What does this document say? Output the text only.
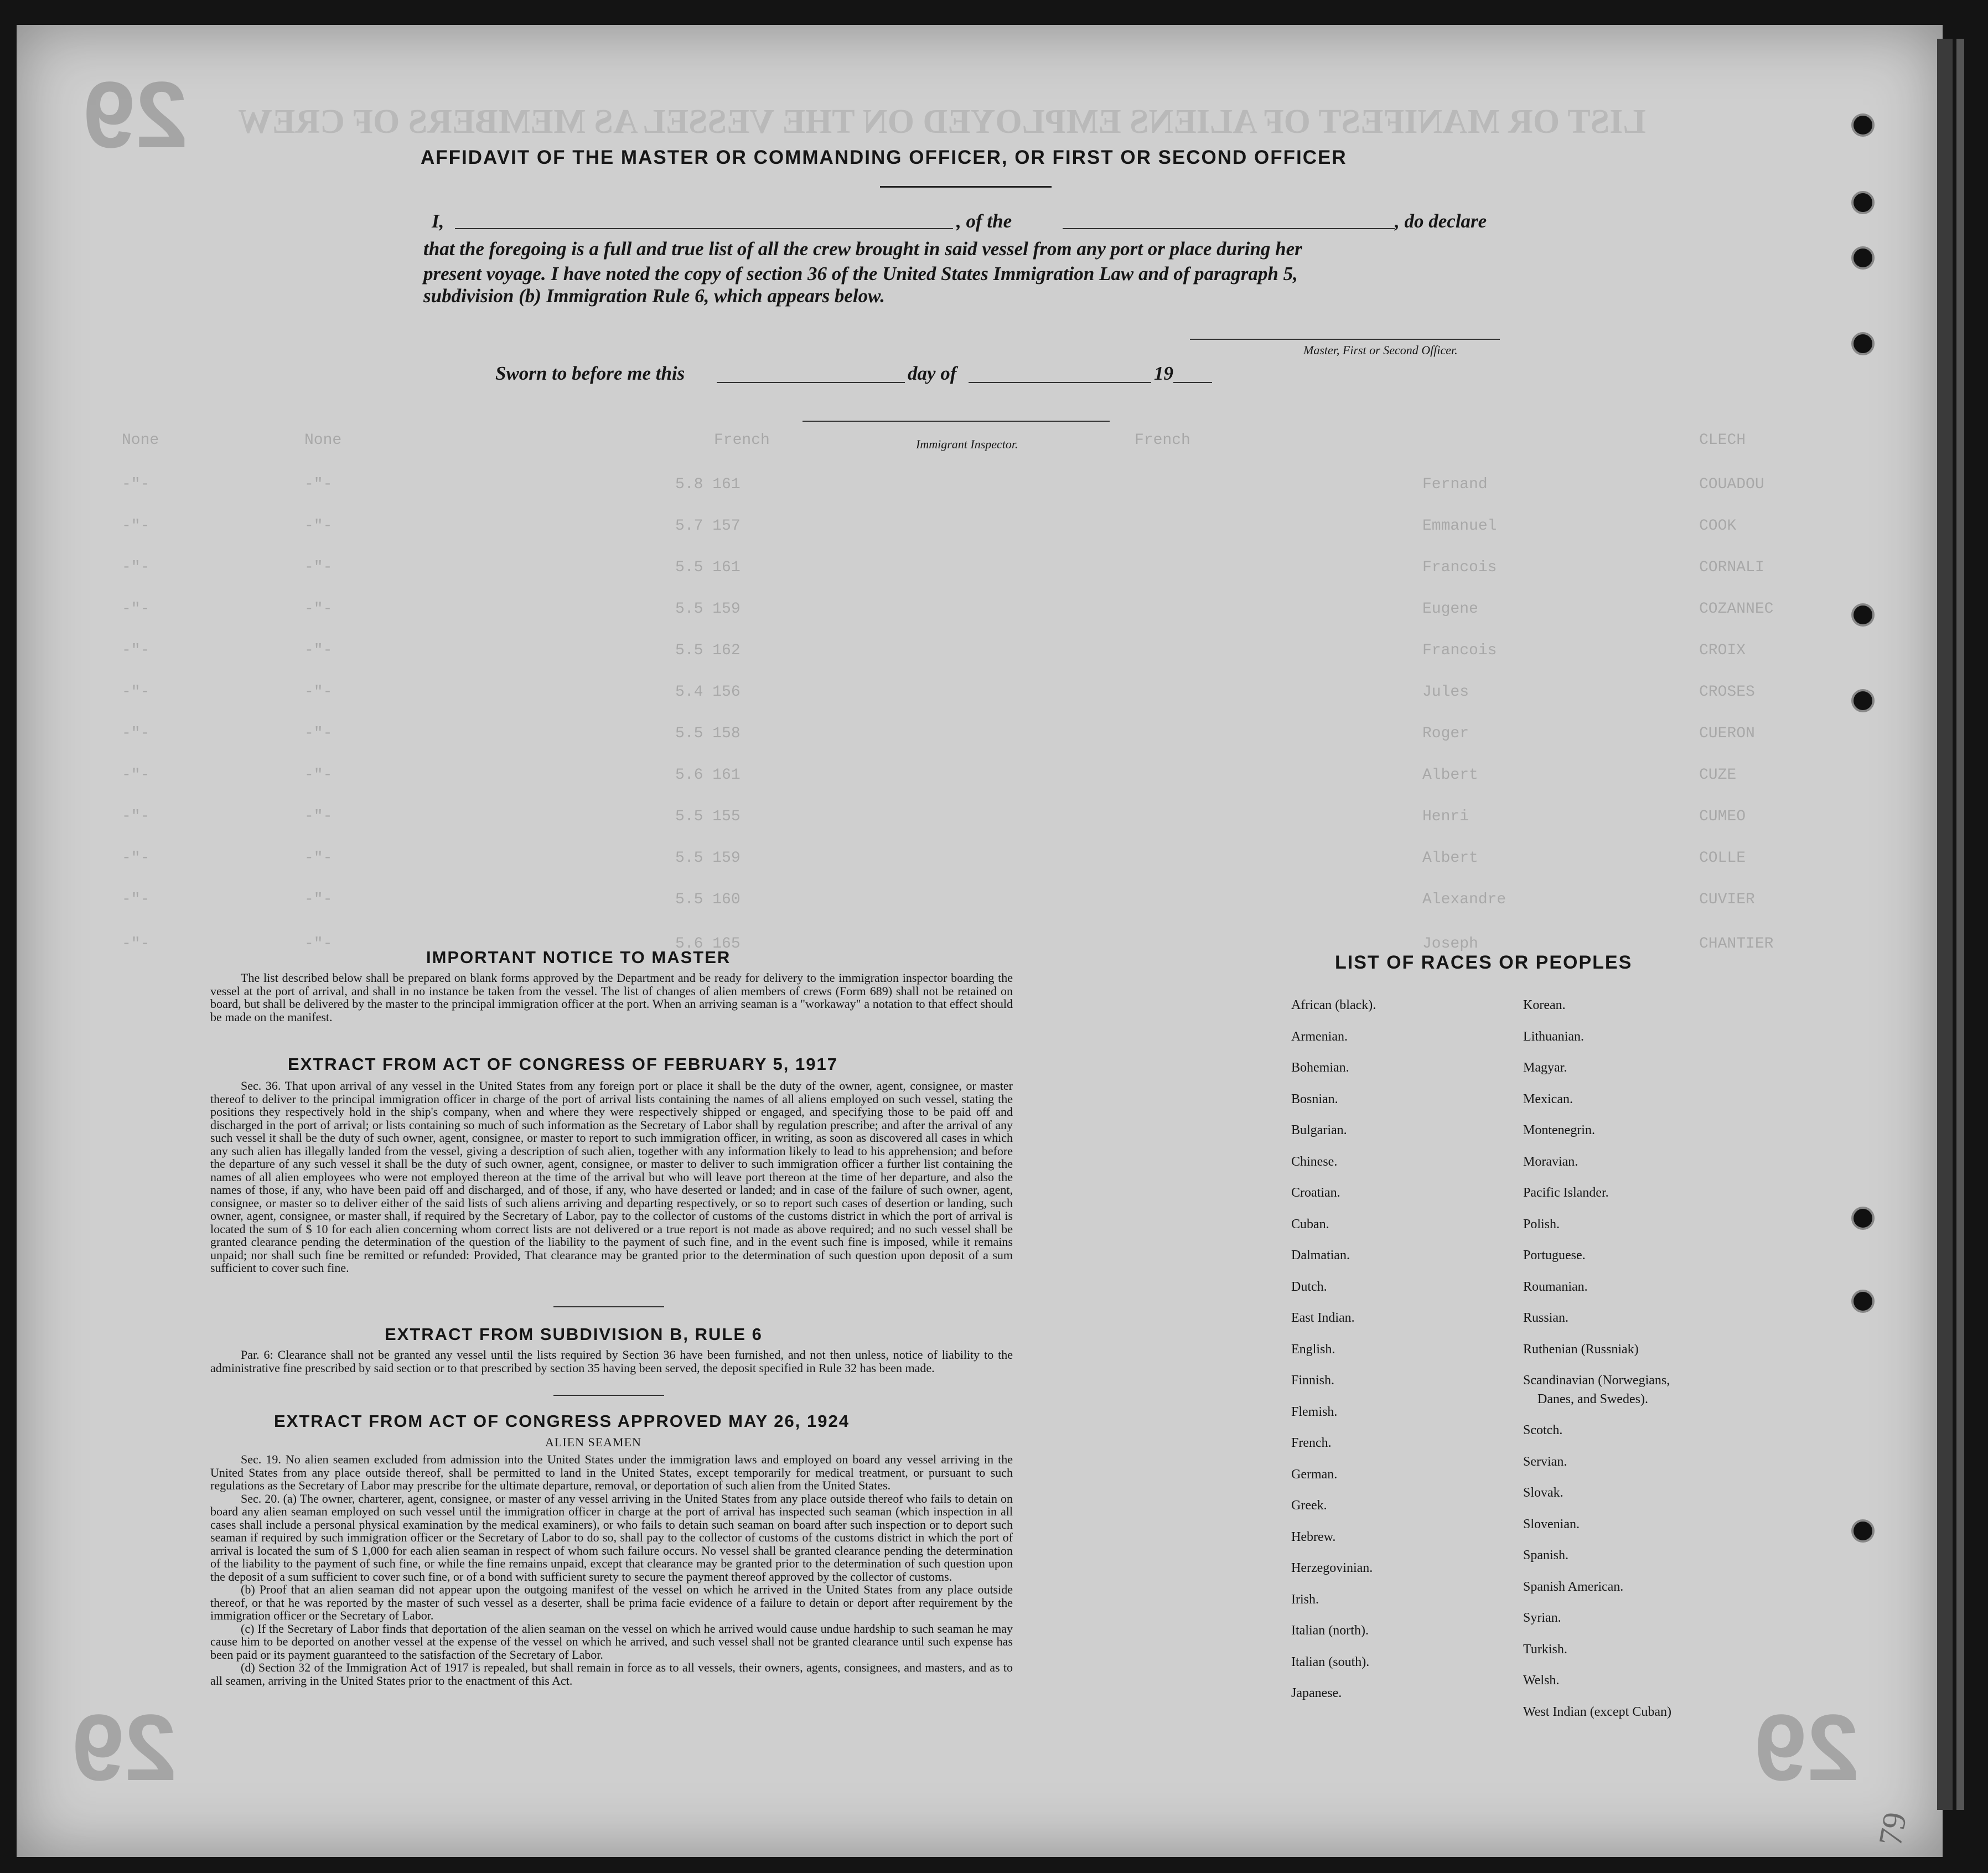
LIST OR MANIFEST OF ALIENS EMPLOYED ON THE VESSEL AS MEMBERS OF CREW
29
29	29
79
None	None	French	French	CLECH
-"-	-"-	5.8 161	Fernand	COUADOU
-"-	-"-	5.7 157	Emmanuel	COOK
-"-	-"-	5.5 161	Francois	CORNALI
-"-	-"-	5.5 159	Eugene	COZANNEC
-"-	-"-	5.5 162	Francois	CROIX
-"-	-"-	5.4 156	Jules	CROSES
-"-	-"-	5.5 158	Roger	CUERON
-"-	-"-	5.6 161	Albert	CUZE
-"-	-"-	5.5 155	Henri	CUMEO
-"-	-"-	5.5 159	Albert	COLLE
-"-	-"-	5.5 160	Alexandre	CUVIER
-"-	-"-	5.6 165	Joseph	CHANTIER
AFFIDAVIT OF THE MASTER OR COMMANDING OFFICER, OR FIRST OR SECOND OFFICER
I,	, of the	, do declare
that the foregoing is a full and true list of all the crew brought in said vessel from any port or place during her
present voyage. I have noted the copy of section 36 of the United States Immigration Law and of paragraph 5,
subdivision (b) Immigration Rule 6, which appears below.
Master, First or Second Officer.
Sworn to before me this	day of	19
Immigrant Inspector.
IMPORTANT NOTICE TO MASTER

The list described below shall be prepared on blank forms approved by the Department and be ready for delivery to the immigration inspector boarding the vessel at the port of arrival, and shall in no instance be taken from the vessel. The list of changes of alien members of crews (Form 689) shall not be retained on board, but shall be delivered by the master to the principal immigration officer at the port. When an arriving seaman is a "workaway" a notation to that effect should be made on the manifest.

EXTRACT FROM ACT OF CONGRESS OF FEBRUARY 5, 1917

Sec. 36. That upon arrival of any vessel in the United States from any foreign port or place it shall be the duty of the owner, agent, consignee, or master thereof to deliver to the principal immigration officer in charge of the port of arrival lists containing the names of all aliens employed on such vessel, stating the positions they respectively hold in the ship's company, when and where they were respectively shipped or engaged, and specifying those to be paid off and discharged in the port of arrival; or lists containing so much of such information as the Secretary of Labor shall by regulation prescribe; and after the arrival of any such vessel it shall be the duty of such owner, agent, consignee, or master to report to such immigration officer, in writing, as soon as discovered all cases in which any such alien has illegally landed from the vessel, giving a description of such alien, together with any information likely to lead to his apprehension; and before the departure of any such vessel it shall be the duty of such owner, agent, consignee, or master to deliver to such immigration officer a further list containing the names of all alien employees who were not employed thereon at the time of the arrival but who will leave port thereon at the time of her departure, and also the names of those, if any, who have been paid off and discharged, and of those, if any, who have deserted or landed; and in case of the failure of such owner, agent, consignee, or master so to deliver either of the said lists of such aliens arriving and departing respectively, or so to report such cases of desertion or landing, such owner, agent, consignee, or master shall, if required by the Secretary of Labor, pay to the collector of customs of the customs district in which the port of arrival is located the sum of $ 10 for each alien concerning whom correct lists are not delivered or a true report is not made as above required; and no such vessel shall be granted clearance pending the determination of the question of the liability to the payment of such fine, and in the event such fine is imposed, while it remains unpaid; nor shall such fine be remitted or refunded: Provided, That clearance may be granted prior to the determination of such question upon deposit of a sum sufficient to cover such fine.

EXTRACT FROM SUBDIVISION B, RULE 6

Par. 6: Clearance shall not be granted any vessel until the lists required by Section 36 have been furnished, and not then unless, notice of liability to the administrative fine prescribed by said section or to that prescribed by section 35 having been served, the deposit specified in Rule 32 has been made.

EXTRACT FROM ACT OF CONGRESS APPROVED MAY 26, 1924
ALIEN SEAMEN

Sec. 19. No alien seamen excluded from admission into the United States under the immigration laws and employed on board any vessel arriving in the United States from any place outside thereof, shall be permitted to land in the United States, except temporarily for medical treatment, or pursuant to such regulations as the Secretary of Labor may prescribe for the ultimate departure, removal, or deportation of such alien from the United States.

Sec. 20. (a) The owner, charterer, agent, consignee, or master of any vessel arriving in the United States from any place outside thereof who fails to detain on board any alien seaman employed on such vessel until the immigration officer in charge at the port of arrival has inspected such seaman (which inspection in all cases shall include a personal physical examination by the medical examiners), or who fails to detain such seaman on board after such inspection or to deport such seaman if required by such immigration officer or the Secretary of Labor to do so, shall pay to the collector of customs of the customs district in which the port of arrival is located the sum of $ 1,000 for each alien seaman in respect of whom such failure occurs. No vessel shall be granted clearance pending the determination of the liability to the payment of such fine, or while the fine remains unpaid, except that clearance may be granted prior to the determination of such question upon the deposit of a sum sufficient to cover such fine, or of a bond with sufficient surety to secure the payment thereof approved by the collector of customs.

(b) Proof that an alien seaman did not appear upon the outgoing manifest of the vessel on which he arrived in the United States from any place outside thereof, or that he was reported by the master of such vessel as a deserter, shall be prima facie evidence of a failure to detain or deport after requirement by the immigration officer or the Secretary of Labor.

(c) If the Secretary of Labor finds that deportation of the alien seaman on the vessel on which he arrived would cause undue hardship to such seaman he may cause him to be deported on another vessel at the expense of the vessel on which he arrived, and such vessel shall not be granted clearance until such expense has been paid or its payment guaranteed to the satisfaction of the Secretary of Labor.

(d) Section 32 of the Immigration Act of 1917 is repealed, but shall remain in force as to all vessels, their owners, agents, consignees, and masters, and as to all seamen, arriving in the United States prior to the enactment of this Act.

LIST OF RACES OR PEOPLES
African (black).
Armenian.
Bohemian.
Bosnian.
Bulgarian.
Chinese.
Croatian.
Cuban.
Dalmatian.
Dutch.
East Indian.
English.
Finnish.
Flemish.
French.
German.
Greek.
Hebrew.
Herzegovinian.
Irish.
Italian (north).
Italian (south).
Japanese.
Korean.
Lithuanian.
Magyar.
Mexican.
Montenegrin.
Moravian.
Pacific Islander.
Polish.
Portuguese.
Roumanian.
Russian.
Ruthenian (Russniak)
Scandinavian (Norwegians,
Danes, and Swedes).
Scotch.
Servian.
Slovak.
Slovenian.
Spanish.
Spanish American.
Syrian.
Turkish.
Welsh.
West Indian (except Cuban)
